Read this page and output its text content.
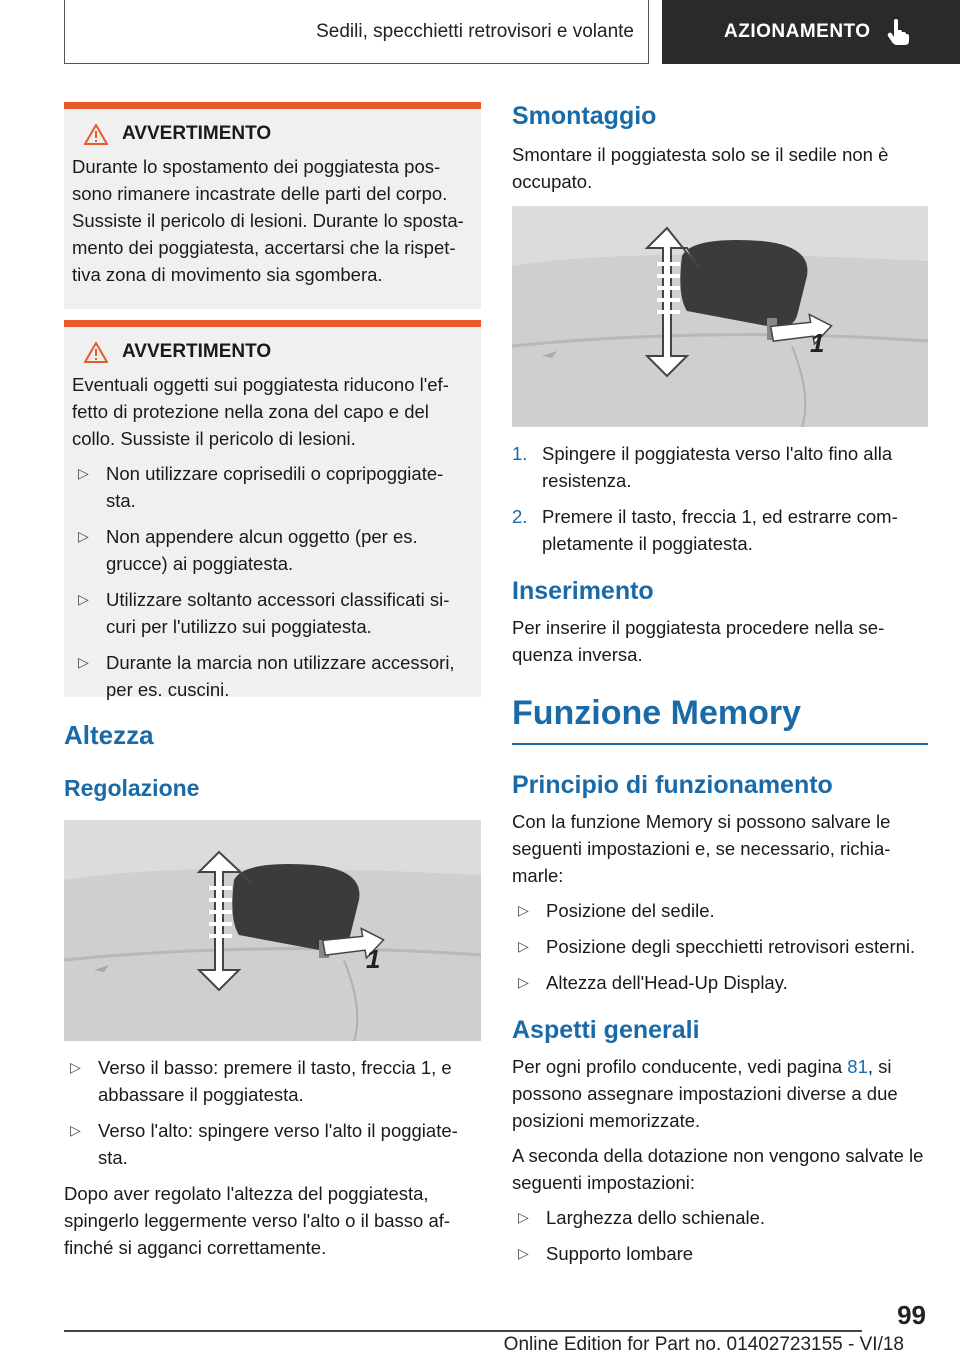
Sedili, specchietti retrovisori e volante	AZIONAMENTO
AVVERTIMENTO

Durante lo spostamento dei poggiatesta pos-sono rimanere incastrate delle parti del corpo. Sussiste il pericolo di lesioni. Durante lo sposta-mento dei poggiatesta, accertarsi che la rispet-tiva zona di movimento sia sgombera.

AVVERTIMENTO

Eventuali oggetti sui poggiatesta riducono l'ef-fetto di protezione nella zona del capo e del collo. Sussiste il pericolo di lesioni.

▷ Non utilizzare coprisedili o copripoggiate-sta.
▷ Non appendere alcun oggetto (per es. grucce) ai poggiatesta.
▷ Utilizzare soltanto accessori classificati si-curi per l'utilizzo sui poggiatesta.
▷ Durante la marcia non utilizzare accessori, per es. cuscini.
Altezza
Regolazione
1
▷ Verso il basso: premere il tasto, freccia 1, e abbassare il poggiatesta.
▷ Verso l'alto: spingere verso l'alto il poggiate-sta.

Dopo aver regolato l'altezza del poggiatesta, spingerlo leggermente verso l'alto o il basso af-finché si agganci correttamente.

Smontaggio

Smontare il poggiatesta solo se il sedile non è occupato.

1
1. Spingere il poggiatesta verso l'alto fino alla resistenza.
2. Premere il tasto, freccia 1, ed estrarre com-pletamente il poggiatesta.
Inserimento

Per inserire il poggiatesta procedere nella se-quenza inversa.

Funzione Memory
Principio di funzionamento

Con la funzione Memory si possono salvare le seguenti impostazioni e, se necessario, richia-marle:

▷ Posizione del sedile.
▷ Posizione degli specchietti retrovisori esterni.
▷ Altezza dell'Head-Up Display.
Aspetti generali

Per ogni profilo conducente, vedi pagina 81, si possono assegnare impostazioni diverse a due posizioni memorizzate.

A seconda della dotazione non vengono salvate le seguenti impostazioni:

▷ Larghezza dello schienale.
▷ Supporto lombare
99
Online Edition for Part no. 01402723155 - VI/18
